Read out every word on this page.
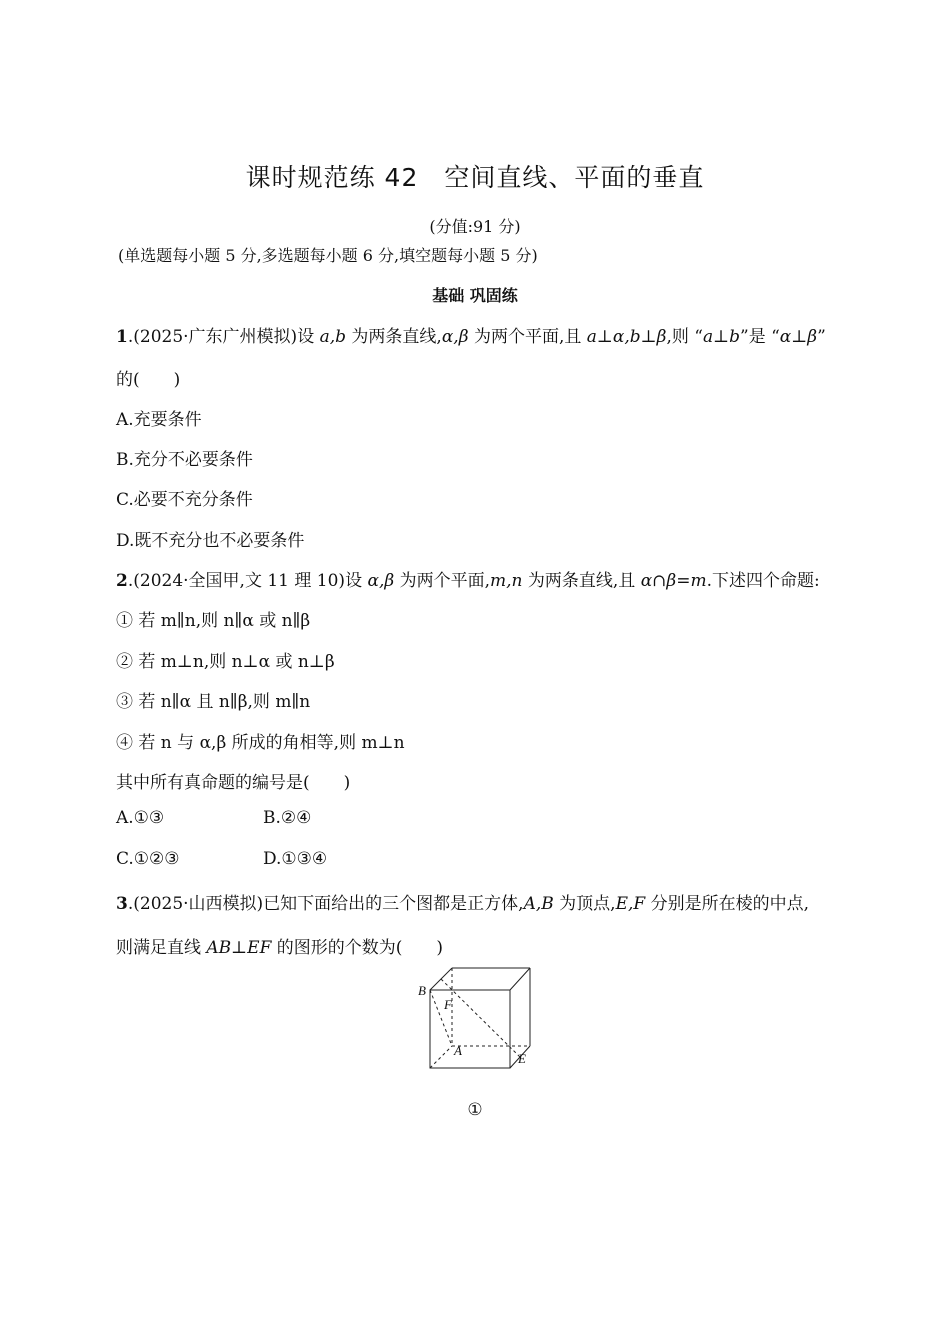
课时规范练 42　空间直线、平面的垂直
(分值:91 分)
(单选题每小题 5 分,多选题每小题 6 分,填空题每小题 5 分)
基础 巩固练
1.(2025·广东广州模拟)设 a,b 为两条直线,α,β 为两个平面,且 a⊥α,b⊥β,则 “a⊥b”是 “α⊥β”
的(　　)
A.充要条件
B.充分不必要条件
C.必要不充分条件
D.既不充分也不必要条件
2.(2024·全国甲,文 11 理 10)设 α,β 为两个平面,m,n 为两条直线,且 α∩β=m.下述四个命题:
① 若 m∥n,则 n∥α 或 n∥β
② 若 m⊥n,则 n⊥α 或 n⊥β
③ 若 n∥α 且 n∥β,则 m∥n
④ 若 n 与 α,β 所成的角相等,则 m⊥n
其中所有真命题的编号是(　　)
A.①③	B.②④
C.①②③	D.①③④
3.(2025·山西模拟)已知下面给出的三个图都是正方体,A,B 为顶点,E,F 分别是所在棱的中点,
则满足直线 AB⊥EF 的图形的个数为(　　)
B
F
A
E
①
